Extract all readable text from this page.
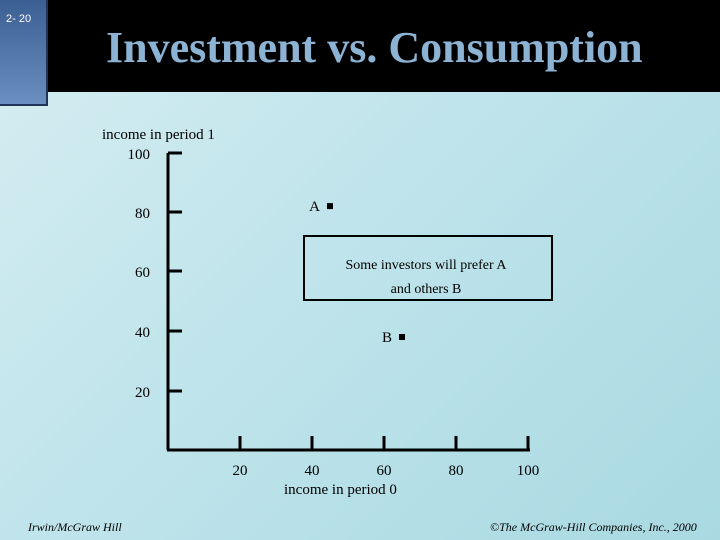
2- 20
Investment vs. Consumption
20
40
60
80
100
20	40	60	80	100
income in period 1
income in period 0
A
B
Some investors will prefer A
and others B
Irwin/McGraw Hill	©The McGraw-Hill Companies, Inc., 2000
